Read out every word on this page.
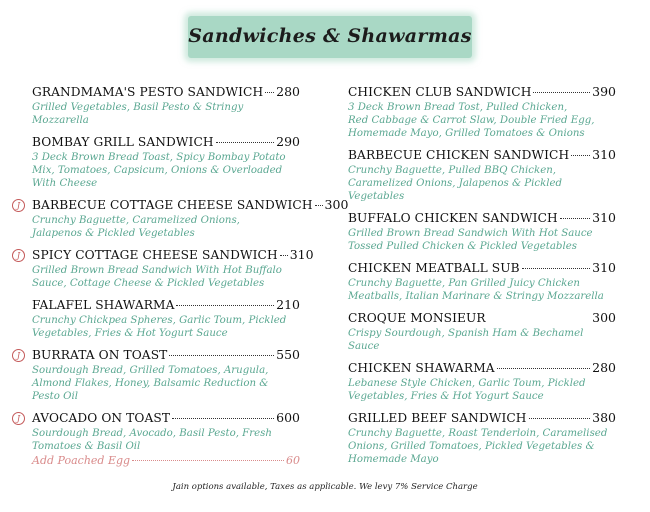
Sandwiches & Shawarmas
GRANDMAMA'S PESTO SANDWICH 280
Grilled Vegetables, Basil Pesto & Stringy
Mozzarella
BOMBAY GRILL SANDWICH	290
3 Deck Brown Bread Toast, Spicy Bombay Potato
Mix, Tomatoes, Capsicum, Onions & Overloaded
With Cheese
J BARBECUE COTTAGE CHEESE SANDWICH 300
Crunchy Baguette, Caramelized Onions,
Jalapenos & Pickled Vegetables
J SPICY COTTAGE CHEESE SANDWICH 310
Grilled Brown Bread Sandwich With Hot Buffalo
Sauce, Cottage Cheese & Pickled Vegetables
FALAFEL SHAWARMA	210
Crunchy Chickpea Spheres, Garlic Toum, Pickled
Vegetables, Fries & Hot Yogurt Sauce
J BURRATA ON TOAST	550
Sourdough Bread, Grilled Tomatoes, Arugula,
Almond Flakes, Honey, Balsamic Reduction &
Pesto Oil
J AVOCADO ON TOAST	600
Sourdough Bread, Avocado, Basil Pesto, Fresh
Tomatoes & Basil Oil
Add Poached Egg	60
CHICKEN CLUB SANDWICH	390
3 Deck Brown Bread Tost, Pulled Chicken,
Red Cabbage & Carrot Slaw, Double Fried Egg,
Homemade Mayo, Grilled Tomatoes & Onions
BARBECUE CHICKEN SANDWICH 310
Crunchy Baguette, Pulled BBQ Chicken,
Caramelized Onions, Jalapenos & Pickled
Vegetables
BUFFALO CHICKEN SANDWICH	310
Grilled Brown Bread Sandwich With Hot Sauce
Tossed Pulled Chicken & Pickled Vegetables
CHICKEN MEATBALL SUB	310
Crunchy Baguette, Pan Grilled Juicy Chicken
Meatballs, Italian Marinare & Stringy Mozzarella
CROQUE MONSIEUR	300
Crispy Sourdough, Spanish Ham & Bechamel
Sauce
CHICKEN SHAWARMA	280
Lebanese Style Chicken, Garlic Toum, Pickled
Vegetables, Fries & Hot Yogurt Sauce
GRILLED BEEF SANDWICH	380
Crunchy Baguette, Roast Tenderloin, Caramelised
Onions, Grilled Tomatoes, Pickled Vegetables &
Homemade Mayo
Jain options available, Taxes as applicable. We levy 7% Service Charge
